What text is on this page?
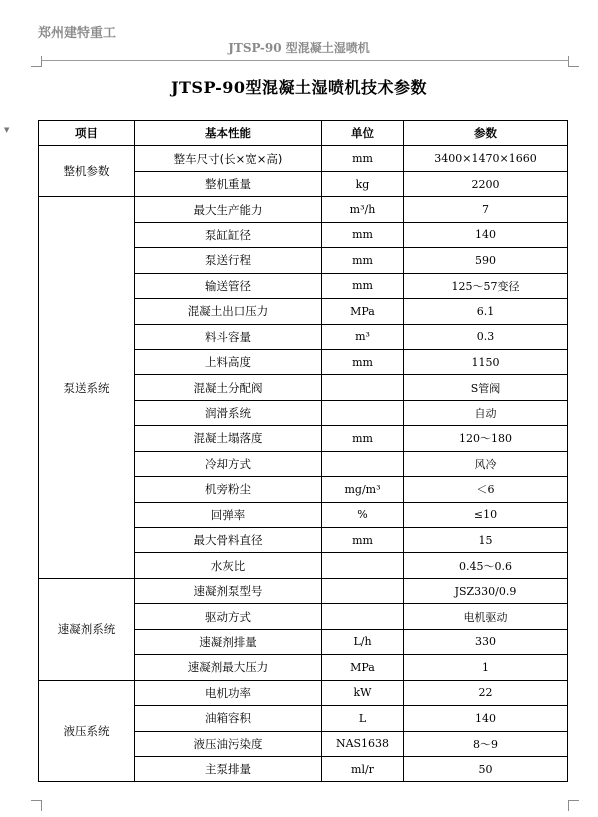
郑州建特重工
JTSP-90 型混凝土湿喷机
▼
JTSP-90型混凝土湿喷机技术参数
项目	基本性能	单位	参数
整机参数	整车尺寸(长×宽×高)	mm	3400×1470×1660
	整机重量	kg	2200
泵送系统	最大生产能力	m³/h	7
	泵缸缸径	mm	140
	泵送行程	mm	590
	输送管径	mm	125～57变径
	混凝土出口压力	MPa	6.1
	料斗容量	m³	0.3
	上料高度	mm	1150
	混凝土分配阀		S管阀
	润滑系统		自动
	混凝土塌落度	mm	120～180
	冷却方式		风冷
	机旁粉尘	mg/m³	＜6
	回弹率	%	≤10
	最大骨料直径	mm	15
	水灰比		0.45～0.6
速凝剂系统	速凝剂泵型号		JSZ330/0.9
	驱动方式		电机驱动
	速凝剂排量	L/h	330
	速凝剂最大压力	MPa	1
液压系统	电机功率	kW	22
	油箱容积	L	140
	液压油污染度	NAS1638	8～9
	主泵排量	ml/r	50
